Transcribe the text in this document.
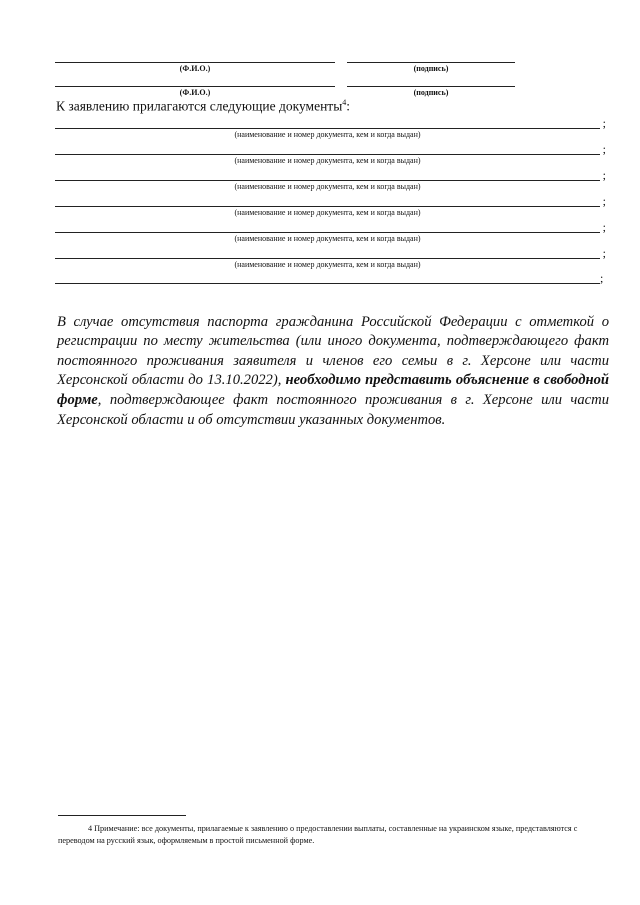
(Ф.И.О.)	(подпись)
(Ф.И.О.)	(подпись)
К заявлению прилагаются следующие документы$^4$:
;
(наименование и номер документа, кем и когда выдан)
;
(наименование и номер документа, кем и когда выдан)
;
(наименование и номер документа, кем и когда выдан)
;
(наименование и номер документа, кем и когда выдан)
;
(наименование и номер документа, кем и когда выдан)
;
(наименование и номер документа, кем и когда выдан)
;

В случае отсутствия паспорта гражданина Российской Федерации с отметкой о регистрации по месту жительства (или иного документа, подтверждающего факт постоянного проживания заявителя и членов его семьи в г. Херсоне или части Херсонской области до 13.10.2022), необходимо представить объяснение в свободной форме, подтверждающее факт постоянного проживания в г. Херсоне или части Херсонской области и об отсутствии указанных документов.

4 Примечание: все документы, прилагаемые к заявлению о предоставлении выплаты, составленные на украинском языке, представляются с переводом на русский язык, оформляемым в простой письменной форме.
